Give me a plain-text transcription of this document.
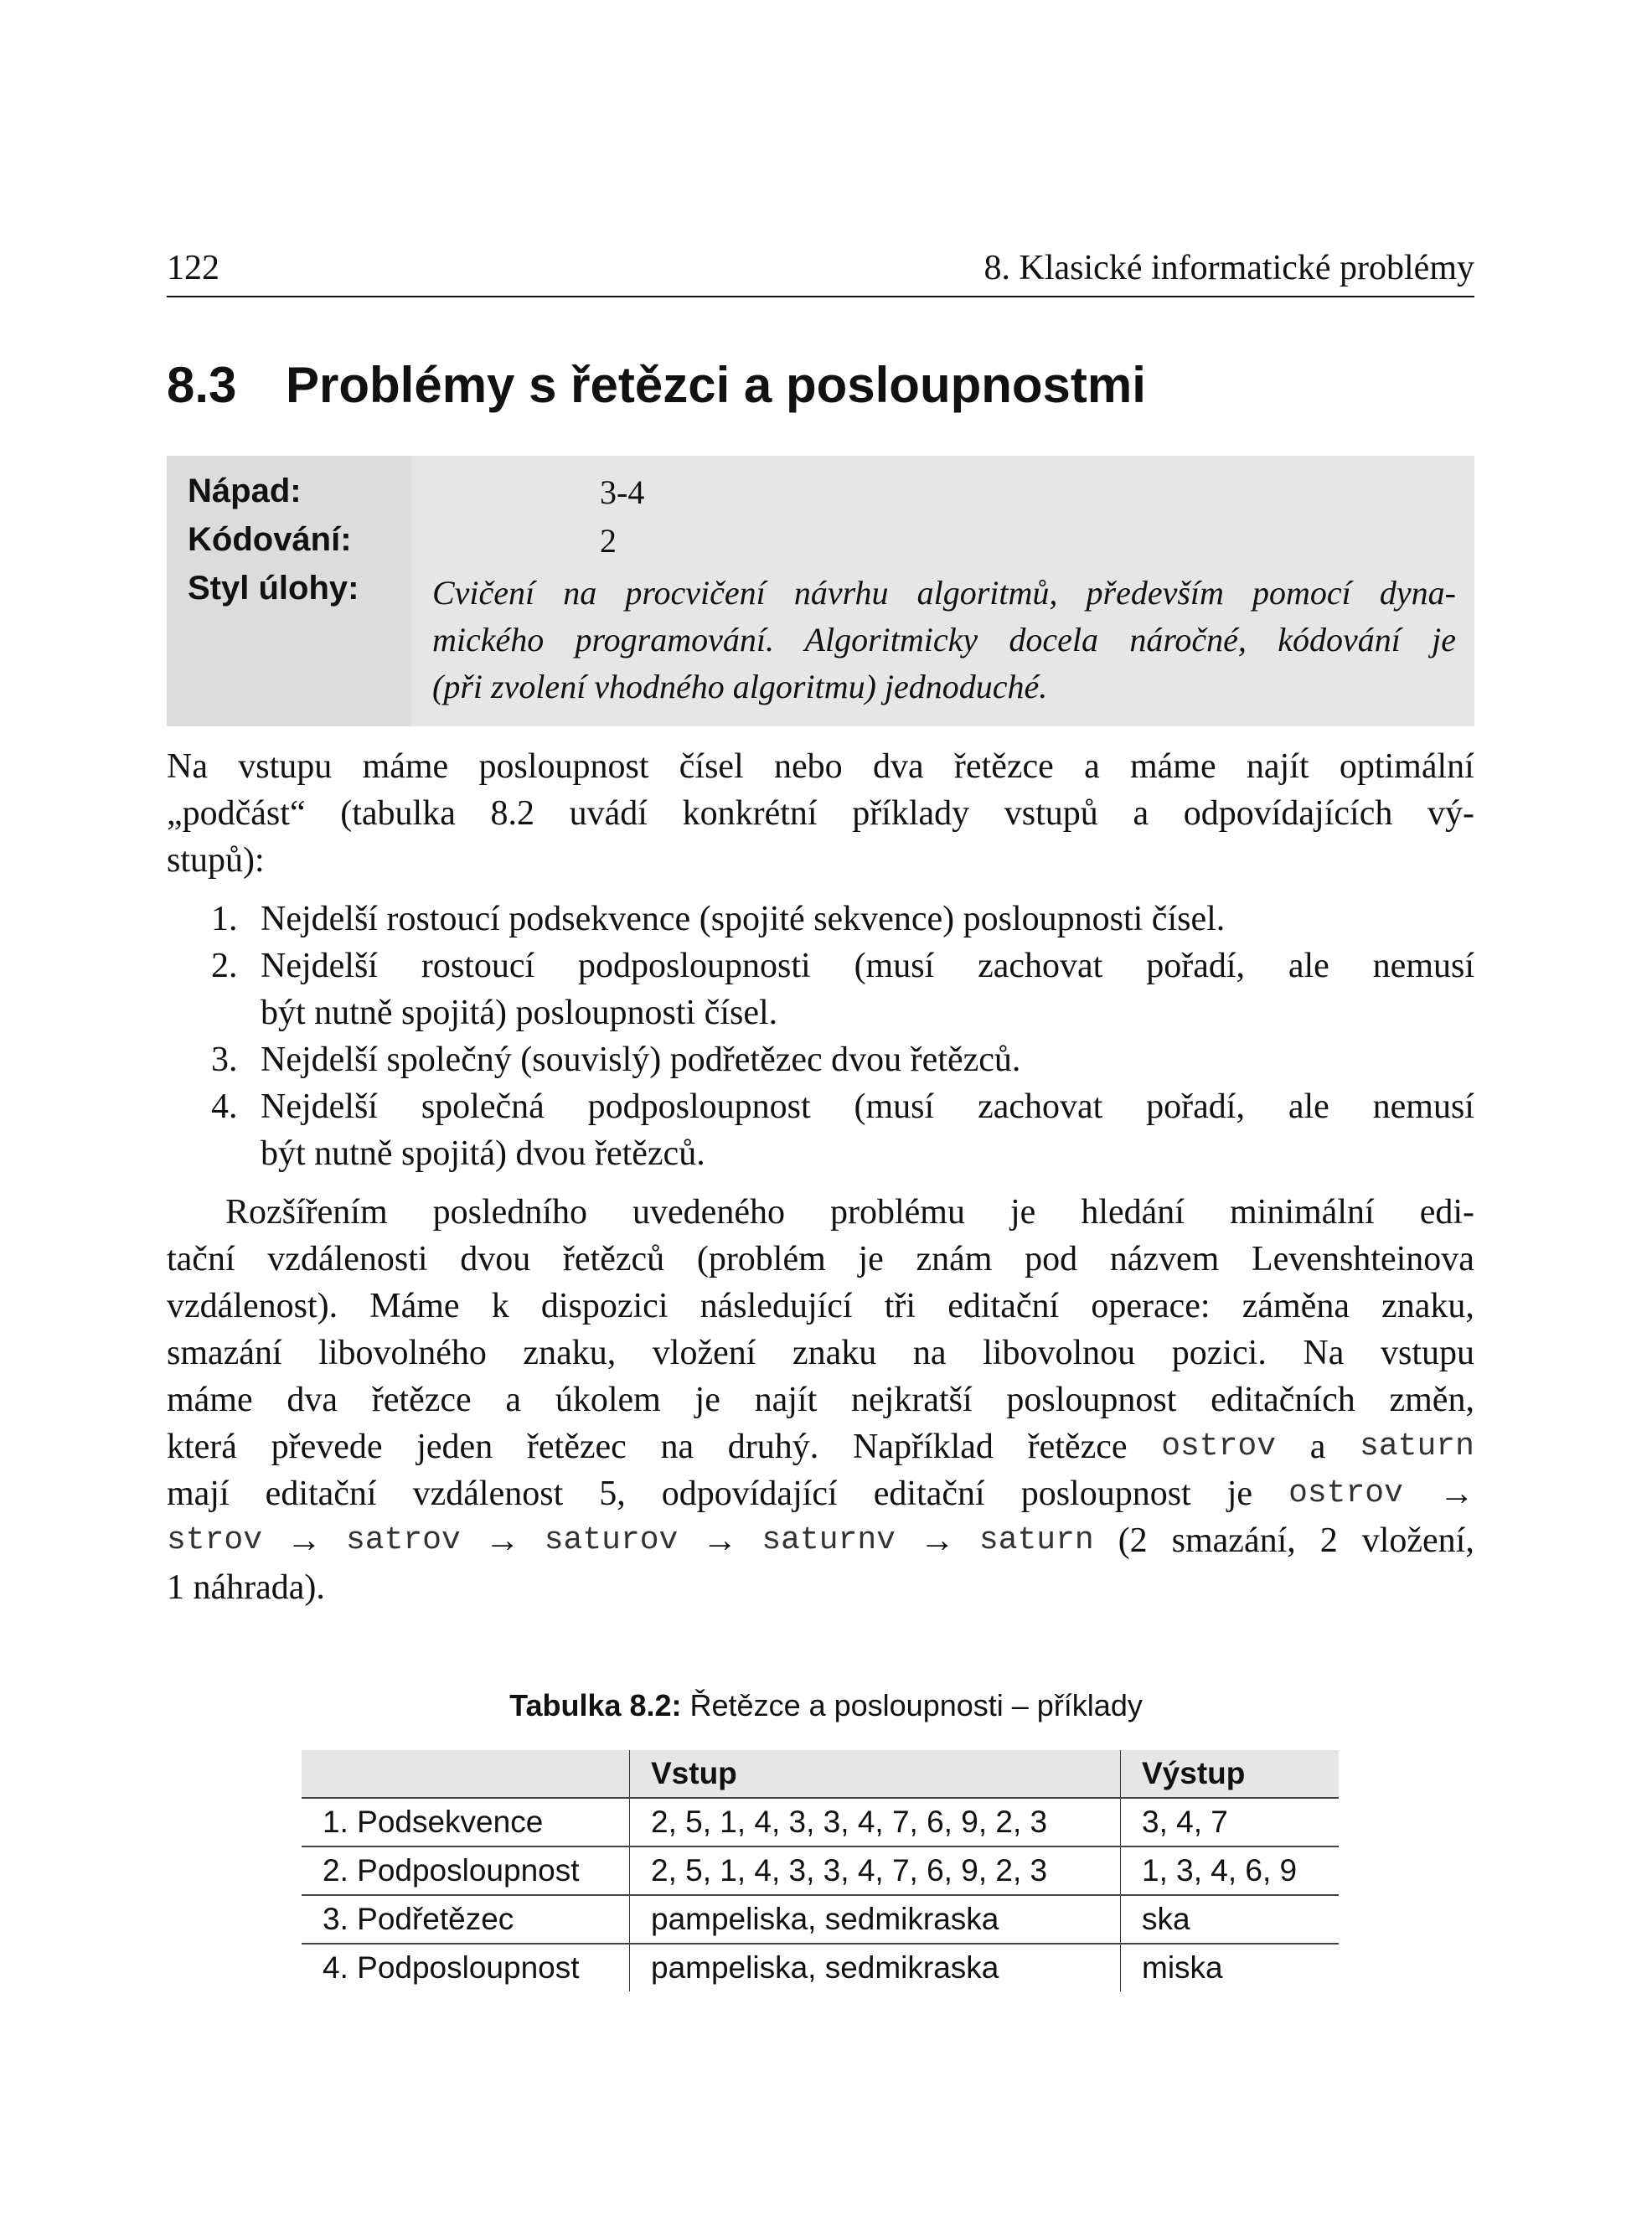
122	8. Klasické informatické problémy
8.3 Problémy s řetězci a posloupnostmi
Nápad:	3-4
Kódování:	2
Styl úlohy: Cvičení na procvičení návrhu algoritmů, především pomocí dyna-
mického programování. Algoritmicky docela náročné, kódování je
(při zvolení vhodného algoritmu) jednoduché.
Na vstupu máme posloupnost čísel nebo dva řetězce a máme najít optimální
„podčást“ (tabulka 8.2 uvádí konkrétní příklady vstupů a odpovídajících vý-
stupů):
1. Nejdelší
rostoucí
podsekvence
(spojité
sekvence)
posloupnosti
čísel.
2. Nejdelší rostoucí podposloupnosti (musí zachovat pořadí, ale nemusí
být
nutně
spojitá)
posloupnosti
čísel.
3. Nejdelší
společný
(souvislý)
podřetězec
dvou
řetězců.
4. Nejdelší společná podposloupnost (musí zachovat pořadí, ale nemusí
být
nutně
spojitá)
dvou
řetězců.
Rozšířením posledního uvedeného problému je hledání minimální edi-
tační vzdálenosti dvou řetězců (problém je znám pod názvem Levenshteinova
vzdálenost). Máme k dispozici následující tři editační operace: záměna znaku,
smazání libovolného znaku, vložení znaku na libovolnou pozici. Na vstupu
máme dva řetězce a úkolem je najít nejkratší posloupnost editačních změn,
která převede jeden řetězec na druhý. Například řetězce ostrov a saturn
mají editační vzdálenost 5, odpovídající editační posloupnost je ostrov →
strov → satrov → saturov → saturnv → saturn (2 smazání, 2 vložení,
1
náhrada).
Tabulka 8.2: Řetězce a posloupnosti – příklady
	Vstup	Výstup
1. Podsekvence	2, 5, 1, 4, 3, 3, 4, 7, 6, 9, 2, 3	3, 4, 7
2. Podposloupnost	2, 5, 1, 4, 3, 3, 4, 7, 6, 9, 2, 3	1, 3, 4, 6, 9
3. Podřetězec	pampeliska, sedmikraska	ska
4. Podposloupnost	pampeliska, sedmikraska	miska
